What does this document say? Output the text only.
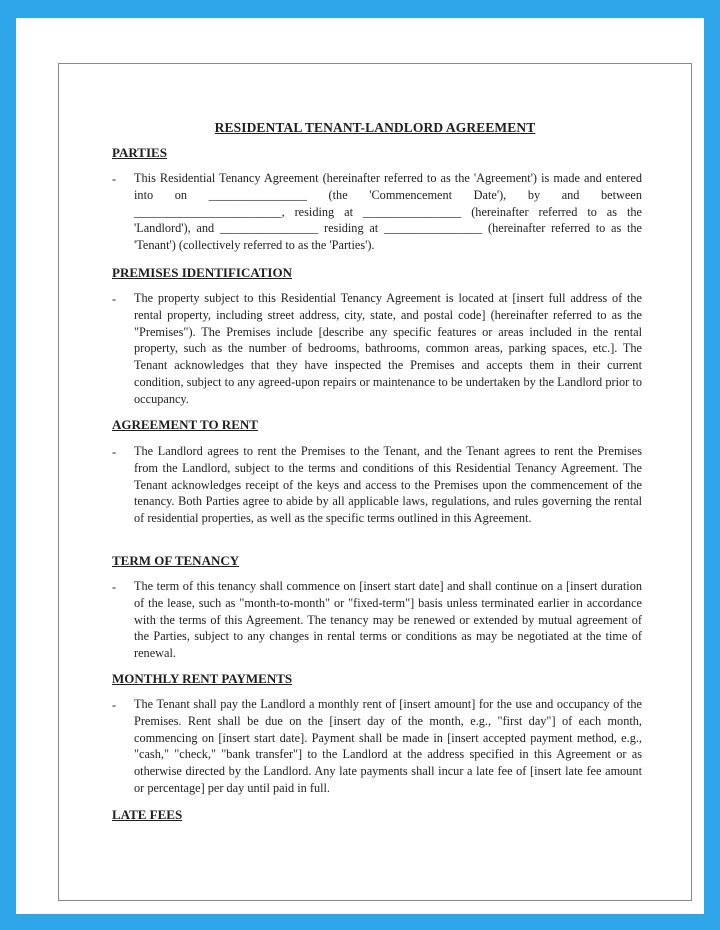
RESIDENTAL TENANT-LANDLORD AGREEMENT
PARTIES
- This Residential Tenancy Agreement (hereinafter referred to as the 'Agreement') is made and entered into on ________________ (the 'Commencement Date'), by and between ________________________, residing at ________________ (hereinafter referred to as the 'Landlord'), and ________________ residing at ________________ (hereinafter referred to as the 'Tenant') (collectively referred to as the 'Parties').
PREMISES IDENTIFICATION
- The property subject to this Residential Tenancy Agreement is located at [insert full address of the rental property, including street address, city, state, and postal code] (hereinafter referred to as the "Premises"). The Premises include [describe any specific features or areas included in the rental property, such as the number of bedrooms, bathrooms, common areas, parking spaces, etc.]. The Tenant acknowledges that they have inspected the Premises and accepts them in their current condition, subject to any agreed-upon repairs or maintenance to be undertaken by the Landlord prior to occupancy.
AGREEMENT TO RENT
- The Landlord agrees to rent the Premises to the Tenant, and the Tenant agrees to rent the Premises from the Landlord, subject to the terms and conditions of this Residential Tenancy Agreement. The Tenant acknowledges receipt of the keys and access to the Premises upon the commencement of the tenancy. Both Parties agree to abide by all applicable laws, regulations, and rules governing the rental of residential properties, as well as the specific terms outlined in this Agreement.
TERM OF TENANCY
- The term of this tenancy shall commence on [insert start date] and shall continue on a [insert duration of the lease, such as "month-to-month" or "fixed-term"] basis unless terminated earlier in accordance with the terms of this Agreement. The tenancy may be renewed or extended by mutual agreement of the Parties, subject to any changes in rental terms or conditions as may be negotiated at the time of renewal.
MONTHLY RENT PAYMENTS
- The Tenant shall pay the Landlord a monthly rent of [insert amount] for the use and occupancy of the Premises. Rent shall be due on the [insert day of the month, e.g., "first day"] of each month, commencing on [insert start date]. Payment shall be made in [insert accepted payment method, e.g., "cash," "check," "bank transfer"] to the Landlord at the address specified in this Agreement or as otherwise directed by the Landlord. Any late payments shall incur a late fee of [insert late fee amount or percentage] per day until paid in full.
LATE FEES
